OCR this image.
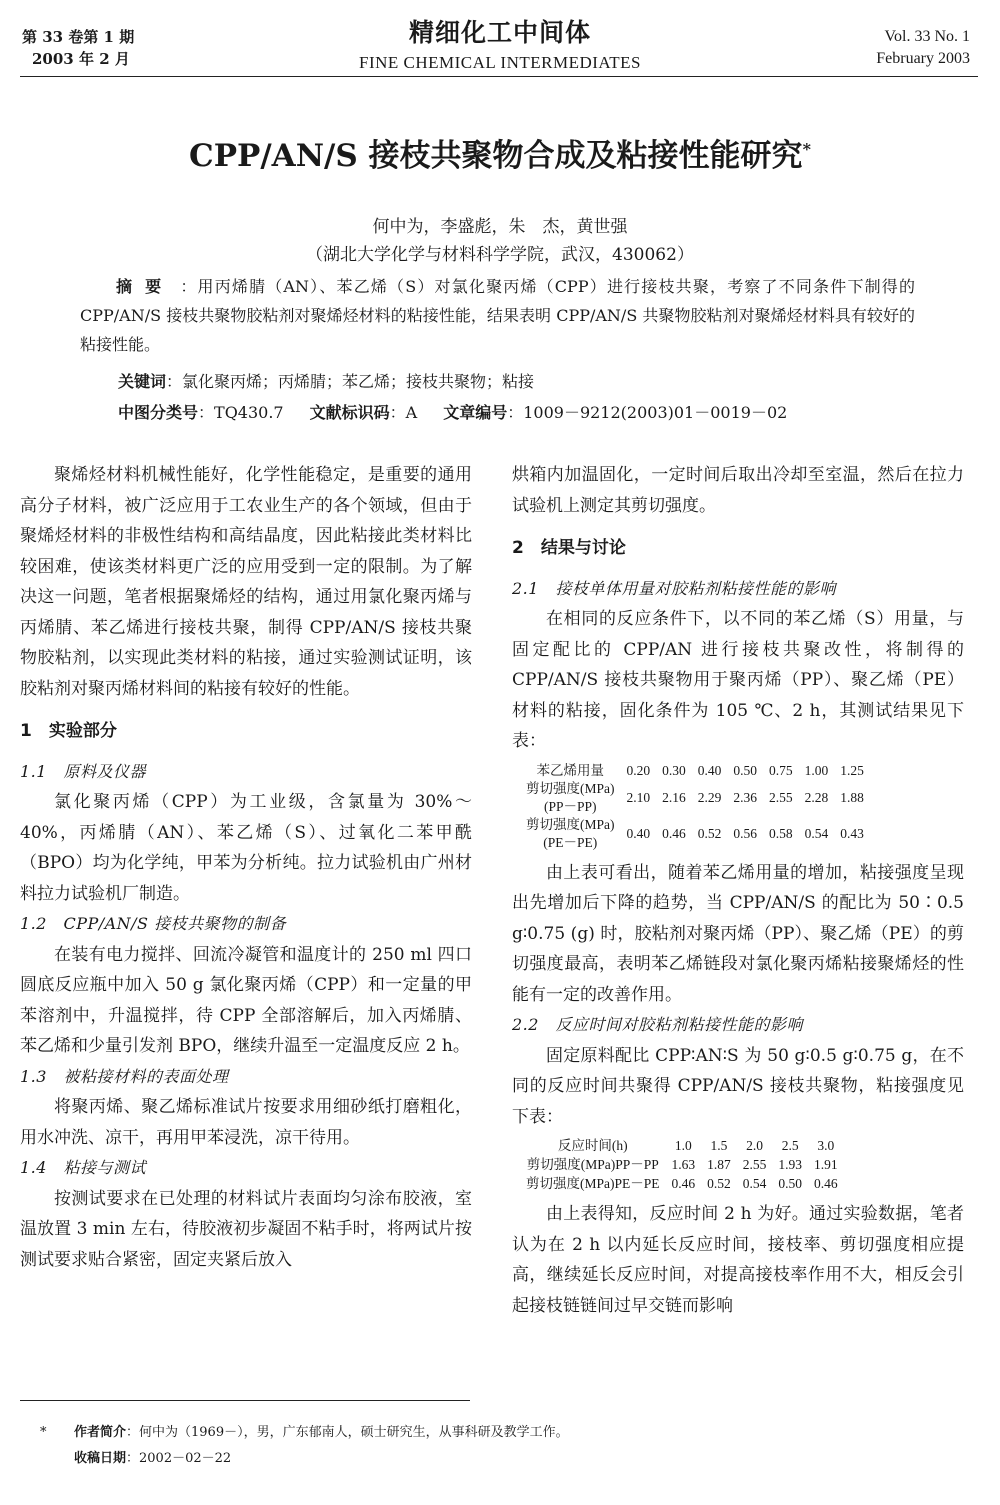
第 33 卷第 1 期
2003 年 2 月
精细化工中间体
FINE CHEMICAL INTERMEDIATES
Vol. 33 No. 1
February 2003
CPP/AN/S 接枝共聚物合成及粘接性能研究*
何中为，李盛彪，朱　杰，黄世强
（湖北大学化学与材料科学学院，武汉，430062）
摘要 ：用丙烯腈（AN）、苯乙烯（S）对氯化聚丙烯（CPP）进行接枝共聚，考察了不同条件下制得的 CPP/AN/S 接枝共聚物胶粘剂对聚烯烃材料的粘接性能，结果表明 CPP/AN/S 共聚物胶粘剂对聚烯烃材料具有较好的粘接性能。
关键词：氯化聚丙烯；丙烯腈；苯乙烯；接枝共聚物；粘接
中图分类号：TQ430.7 文献标识码：A 文章编号：1009－9212(2003)01－0019－02

聚烯烃材料机械性能好，化学性能稳定，是重要的通用高分子材料，被广泛应用于工农业生产的各个领域，但由于聚烯烃材料的非极性结构和高结晶度，因此粘接此类材料比较困难，使该类材料更广泛的应用受到一定的限制。为了解决这一问题，笔者根据聚烯烃的结构，通过用氯化聚丙烯与丙烯腈、苯乙烯进行接枝共聚，制得 CPP/AN/S 接枝共聚物胶粘剂，以实现此类材料的粘接，通过实验测试证明，该胶粘剂对聚丙烯材料间的粘接有较好的性能。

1　实验部分
1.1　原料及仪器

氯化聚丙烯（CPP）为工业级，含氯量为 30%～40%，丙烯腈（AN）、苯乙烯（S）、过氧化二苯甲酰（BPO）均为化学纯，甲苯为分析纯。拉力试验机由广州材料拉力试验机厂制造。

1.2　CPP/AN/S 接枝共聚物的制备

在装有电力搅拌、回流冷凝管和温度计的 250 ml 四口圆底反应瓶中加入 50 g 氯化聚丙烯（CPP）和一定量的甲苯溶剂中，升温搅拌，待 CPP 全部溶解后，加入丙烯腈、苯乙烯和少量引发剂 BPO，继续升温至一定温度反应 2 h。

1.3　被粘接材料的表面处理

将聚丙烯、聚乙烯标准试片按要求用细砂纸打磨粗化，用水冲洗、凉干，再用甲苯浸洗，凉干待用。

1.4　粘接与测试

按测试要求在已处理的材料试片表面均匀涂布胶液，室温放置 3 min 左右，待胶液初步凝固不粘手时，将两试片按测试要求贴合紧密，固定夹紧后放入

烘箱内加温固化，一定时间后取出冷却至室温，然后在拉力试验机上测定其剪切强度。

2　结果与讨论
2.1　接枝单体用量对胶粘剂粘接性能的影响

在相同的反应条件下，以不同的苯乙烯（S）用量，与固定配比的 CPP/AN 进行接枝共聚改性，将制得的 CPP/AN/S 接枝共聚物用于聚丙烯（PP）、聚乙烯（PE）材料的粘接，固化条件为 105 ℃、2 h，其测试结果见下表：

苯乙烯用量	0.20	0.30	0.40	0.50	0.75	1.00	1.25

剪切强度(MPa)
(PP－PP)	2.10	2.16	2.29	2.36	2.55	2.28	1.88

剪切强度(MPa)
(PE－PE)	0.40	0.46	0.52	0.56	0.58	0.54	0.43

由上表可看出，随着苯乙烯用量的增加，粘接强度呈现出先增加后下降的趋势，当 CPP/AN/S 的配比为 50∶0.5 g∶0.75 (g) 时，胶粘剂对聚丙烯（PP）、聚乙烯（PE）的剪切强度最高，表明苯乙烯链段对氯化聚丙烯粘接聚烯烃的性能有一定的改善作用。

2.2　反应时间对胶粘剂粘接性能的影响

固定原料配比 CPP∶AN∶S 为 50 g∶0.5 g∶0.75 g，在不同的反应时间共聚得 CPP/AN/S 接枝共聚物，粘接强度见下表：

反应时间(h)	1.0	1.5	2.0	2.5	3.0
剪切强度(MPa)PP－PP	1.63	1.87	2.55	1.93	1.91
剪切强度(MPa)PE－PE	0.46	0.52	0.54	0.50	0.46

由上表得知，反应时间 2 h 为好。通过实验数据，笔者认为在 2 h 以内延长反应时间，接枝率、剪切强度相应提高，继续延长反应时间，对提高接枝率作用不大，相反会引起接枝链链间过早交链而影响

* 作者简介：何中为（1969－），男，广东郁南人，硕士研究生，从事科研及教学工作。
收稿日期：2002－02－22
